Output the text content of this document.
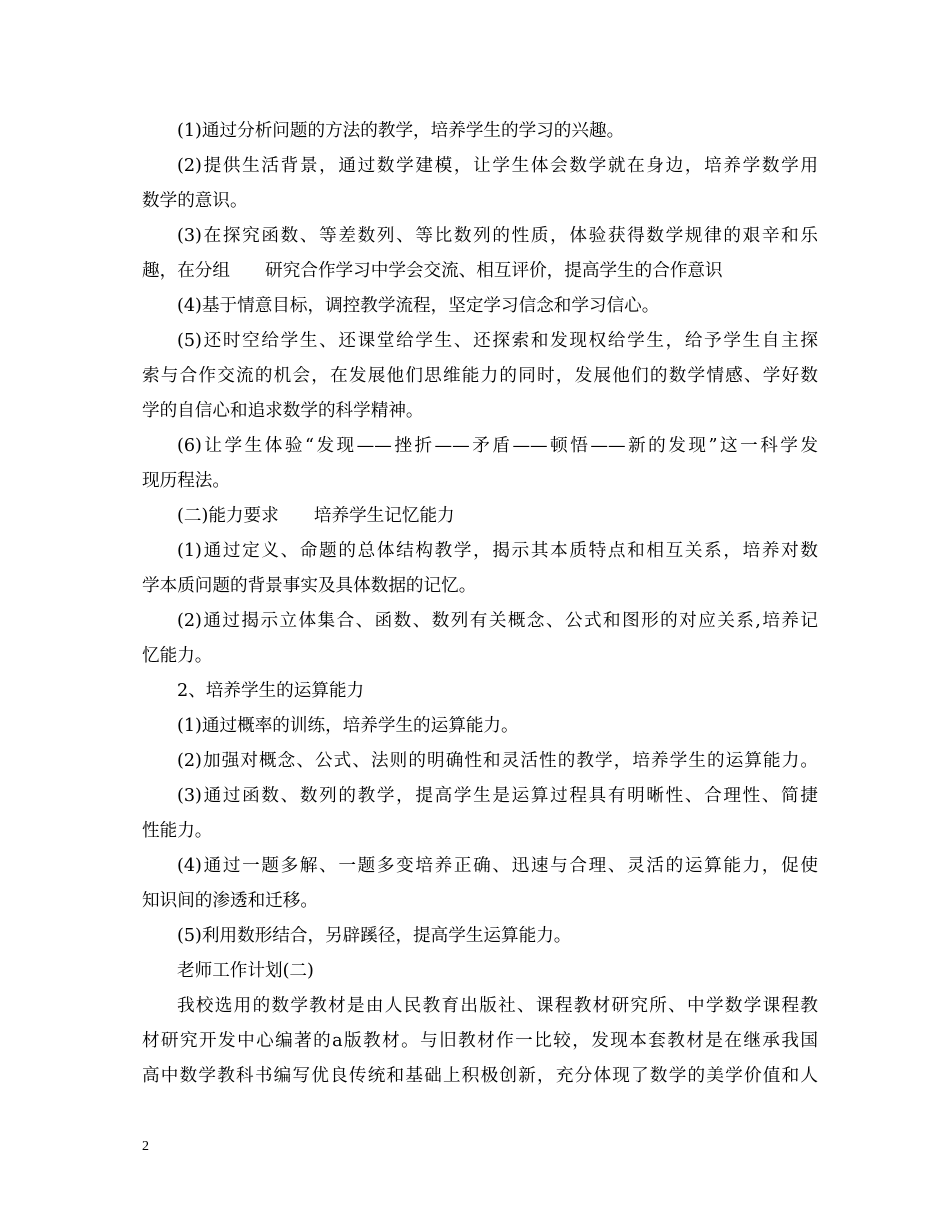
(1)通过分析问题的方法的教学，培养学生的学习的兴趣。
(2)提供生活背景，通过数学建模，让学生体会数学就在身边，培养学数学用
数学的意识。
(3)在探究函数、等差数列、等比数列的性质，体验获得数学规律的艰辛和乐
趣，在分组　　研究合作学习中学会交流、相互评价，提高学生的合作意识
(4)基于情意目标，调控教学流程，坚定学习信念和学习信心。
(5)还时空给学生、还课堂给学生、还探索和发现权给学生，给予学生自主探
索与合作交流的机会，在发展他们思维能力的同时，发展他们的数学情感、学好数
学的自信心和追求数学的科学精神。
(6)让学生体验“发现——挫折——矛盾——顿悟——新的发现”这一科学发
现历程法。
(二)能力要求　　培养学生记忆能力
(1)通过定义、命题的总体结构教学，揭示其本质特点和相互关系，培养对数
学本质问题的背景事实及具体数据的记忆。
(2)通过揭示立体集合、函数、数列有关概念、公式和图形的对应关系,培养记
忆能力。
2、培养学生的运算能力
(1)通过概率的训练，培养学生的运算能力。
(2)加强对概念、公式、法则的明确性和灵活性的教学，培养学生的运算能力。
(3)通过函数、数列的教学，提高学生是运算过程具有明晰性、合理性、简捷
性能力。
(4)通过一题多解、一题多变培养正确、迅速与合理、灵活的运算能力，促使
知识间的渗透和迁移。
(5)利用数形结合，另辟蹊径，提高学生运算能力。
老师工作计划(二)
我校选用的数学教材是由人民教育出版社、课程教材研究所、中学数学课程教
材研究开发中心编著的a版教材。与旧教材作一比较，发现本套教材是在继承我国
高中数学教科书编写优良传统和基础上积极创新，充分体现了数学的美学价值和人
2
